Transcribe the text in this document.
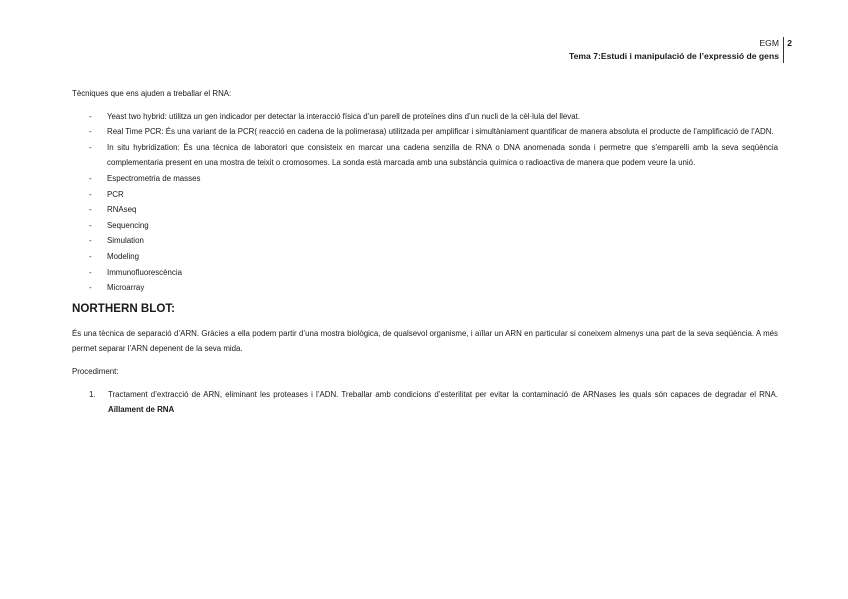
EGM
Tema 7:Estudi i manipulació de l’expressió de gens
2

Tècniques que ens ajuden a treballar el RNA:

- Yeast two hybrid: utilitza un gen indicador per detectar la interacció física d’un parell de proteïnes dins d’un nucli de la cèl·lula del llevat.
- Real Time PCR: És una variant de la PCR( reacció en cadena de la polimerasa) utilitzada per amplificar i simultàniament quantificar de manera absoluta el producte de l’amplificació de l’ADN.
- In situ hybridization: És una tècnica de laboratori que consisteix en marcar una cadena senzilla de RNA o DNA anomenada sonda i permetre que s’emparelli amb la seva seqüència complementaria present en una mostra de teixit o cromosomes. La sonda està marcada amb una substància química o radioactiva de manera que podem veure la unió.
- Espectrometria de masses
- PCR
- RNAseq
- Sequencing
- Simulation
- Modeling
- Immunofluorescència
- Microarray
NORTHERN BLOT:

És una tècnica de separació d’ARN. Gràcies a ella podem partir d’una mostra biològica, de qualsevol organisme, i aïllar un ARN en particular si coneixem almenys una part de la seva seqüència. A més permet separar l’ARN depenent de la seva mida.

Procediment:

1. Tractament d’extracció de ARN, eliminant les proteases i l’ADN. Treballar amb condicions d’esterilitat per evitar la contaminació de ARNases les quals són capaces de degradar el RNA. Aïllament de RNA
